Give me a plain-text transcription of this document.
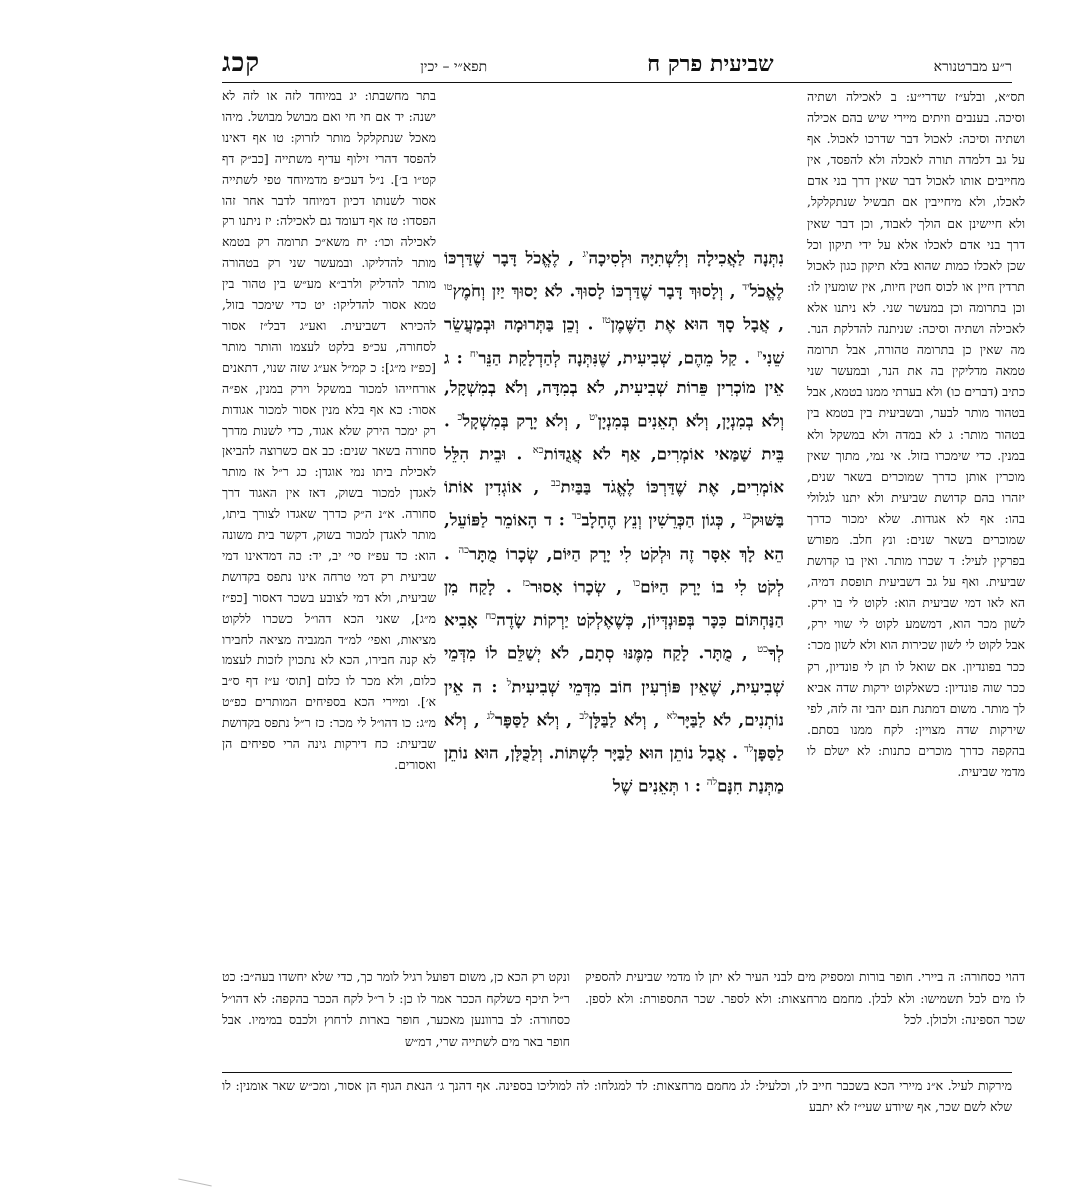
ר״ע מברטנורא
שביעית פרק ח
תפא״י – יכין
קכג
תס״א, ובלע״ז שדרי״ע: ב לאכילה ושתיה וסיכה. בענבים וזיתים מיירי שיש בהם אכילה ושתיה וסיכה: לאכול דבר שדרכו לאכול. אף על גב דלמדה תורה לאכלה ולא להפסד, אין מחייבים אותו לאכול דבר שאין דרך בני אדם לאכלו, ולא מיחייבין אם תבשיל שנתקלקל, ולא חיישינן אם הולך לאבוד, וכן דבר שאין דרך בני אדם לאכלו אלא על ידי תיקון וכל שכן לאכלו כמות שהוא בלא תיקון כגון לאכול תרדין חיין או לכוס חטין חיות, אין שומעין לו: וכן בתרומה וכן במעשר שני. לא ניתנו אלא לאכילה ושתיה וסיכה: שניתנה להדלקת הנר. מה שאין כן בתרומה טהורה, אבל תרומה טמאה מדליקין בה את הנר, ובמעשר שני כתיב (דברים כו) ולא בערתי ממנו בטמא, אבל בטהור מותר לבער, ובשביעית בין בטמא בין בטהור מותר: ג לא במדה ולא במשקל ולא במנין. כדי שימכרו בזול. אי נמי, מתוך שאין מוכרין אותן כדרך שמוכרים בשאר שנים, יזהרו בהם קדושת שביעית ולא יתנו לגלולי בהו: אף לא אגודות. שלא ימכור כדרך שמוכרים בשאר שנים: ונץ חלב. מפורש בפרקין לעיל: ד שכרו מותר. ואין בו קדושת שביעית. ואף על גב דשביעית תופסת דמיה, הא לאו דמי שביעית הוא: לקוט לי בו ירק. לשון מכר הוא, דמשמע לקוט לי שווי ירק, אבל לקוט לי לשון שכירות הוא ולא לשון מכר: ככר בפונדיון. אם שואל לו תן לי פונדיון, רק ככר שוה פונדיון: כשאלקוט ירקות שדה אביא לך מותר. משום דמתנת חנם יהבי זה לזה, לפי שירקות שדה מצויין: לקח ממנו בסתם. בהקפה כדרך מוכרים כתנות: לא ישלם לו מדמי שביעית.
נִתְּנָה לַאֲכִילָה וְלִשְׁתִיָּה וּלְסִיכָה$^{יג}$ , לֶאֱכֹל דָּבָר שֶׁדַּרְכּוֹ לֶאֱכֹל$^{יד}$ , וְלָסוּךְ דָּבָר שֶׁדַּרְכּוֹ לָסוּךְ. לֹא יָסוּךְ יַיִן וְחֹמֶץ$^{טו}$ , אֲבָל סָךְ הוּא אֶת הַשֶּׁמֶן$^{טז}$ . וְכֵן בַּתְּרוּמָה וּבְמַעֲשֵׂר שֵׁנִי$^{יז}$ . קַל מֵהֶם, שְׁבִיעִית, שֶׁנִּתְּנָה לְהַדְלָקַת הַנֵּר$^{יח}$ : ג אֵין מוֹכְרִין פֵּרוֹת שְׁבִיעִית, לֹא בְמִדָּה, וְלֹא בְמִשְׁקָל, וְלֹא בְמִנְיָן, וְלֹא תְאֵנִים בְּמִנְיָן$^{יט}$ , וְלֹא יָרָק בְּמִשְׁקָל$^כ$ . בֵּית שַׁמַּאי אוֹמְרִים, אַף לֹא אֲגֻדּוֹת$^{כא}$ . וּבֵית הִלֵּל אוֹמְרִים, אֶת שֶׁדַּרְכּוֹ לֶאֱגֹד בַּבַּיִת$^{כב}$ , אוֹגְדִין אוֹתוֹ בַּשּׁוּק$^{כג}$ , כְּגוֹן הַכְּרֵשִׁין וְנֵץ הֶחָלָב$^{כד}$ : ד הָאוֹמֵר לַפּוֹעֵל, הֵא לָךְ אִסָּר זֶה וּלְקֹט לִי יָרָק הַיּוֹם, שְׂכָרוֹ מֻתָּר$^{כה}$ . לְקֹט לִי בוֹ יָרָק הַיּוֹם$^{כו}$ , שְׂכָרוֹ אָסוּר$^{כז}$ . לָקַח מִן הַנַּחְתּוֹם כִּכָּר בְּפוּנְדְּיוֹן, כְּשֶׁאֶלְקֹט יַרְקוֹת שָׂדֶה$^{כח}$ אָבִיא לְךָ$^{כט}$ , מֻתָּר. לָקַח מִמֶּנּוּ סְתָם, לֹא יְשַׁלֵּם לוֹ מִדְּמֵי שְׁבִיעִית, שֶׁאֵין פּוֹרְעִין חוֹב מִדְּמֵי שְׁבִיעִית$^ל$ : ה אֵין נוֹתְנִים, לֹא לַבַּיָּר$^{לא}$ , וְלֹא לַבַּלָּן$^{לב}$ , וְלֹא לַסַּפָּר$^{לג}$ , וְלֹא לַסַּפָּן$^{לד}$ . אֲבָל נוֹתֵן הוּא לַבַּיָּר לִשְׁתּוֹת. וְלַכֻּלָּן, הוּא נוֹתֵן מַתְּנַת חִנָּם$^{לה}$ : ו תְּאֵנִים שֶׁל
בתר מחשבתו: יג במיוחד לזה או לזה לא ישנה: יד אם חי חי ואם מבושל מבושל. מיהו מאכל שנתקלקל מותר לזרוק: טו אף דאינו להפסד דהרי זילוף עדיף משתייה [כב״ק דף קט״ו ב׳]. נ״ל דעכ״פ מדמיוחד טפי לשתייה אסור לשנותו דכיון דמיוחד לדבר אחר זהו הפסדו: טז אף דעומד גם לאכילה: יז ניתנו רק לאכילה וכו׳: יח משא״כ תרומה רק בטמא מותר להדליקו. ובמעשר שני רק בטהורה מותר להדליק ולרב״א מע״ש בין טהור בין טמא אסור להדליקו: יט כדי שימכר בזול, להכירא דשביעית. ואע״ג דבל״ז אסור לסחורה, עכ״פ בלקט לעצמו והותר מותר [כפ״ז מ״ג]: כ קמ״ל אע״ג שזה שנוי, דתאנים אורחייהו למכור במשקל וירק במנין, אפ״ה אסור: כא אף בלא מנין אסור למכור אגודות רק ימכר הירק שלא אגוד, כדי לשנות מדרך סחורה בשאר שנים: כב אם כשרוצה להביאן לאכילת ביתו נמי אוגדן: כג ר״ל אז מותר לאגדן למכור בשוק, דאז אין האגוד דרך סחורה. א״נ ה״ק כדרך שאגדו לצורך ביתו, מותר לאגדן למכור בשוק, דקשר בית משונה הוא: כד עפ״ז סי׳ יב, יד: כה דמדאינו דמי שביעית רק דמי טרחה אינו נתפס בקדושת שביעית, ולא דמי לצובע בשכר דאסור [כפ״ז מ״ג], שאני הכא דהו״ל כשכרו ללקוט מציאות, ואפי׳ למ״ד המגביה מציאה לחבירו לא קנה חבירו, הכא לא נתכוין לזכות לעצמו כלום, ולא מכר לו כלום [תוס׳ ע״ז דף ס״ב א׳]. ומיירי הכא בספיחים המותרים כפ״ט מ״ג: כו דהו״ל לי מכר: כז ר״ל נתפס בקדושת שביעית: כח דירקות גינה הרי ספיחים הן ואסורים.
דהוי כסחורה: ה ביירי. חופר בורות ומספיק מים לבני העיר לא יתן לו מדמי שביעית להספיק לו מים לכל תשמישו: ולא לבלן. מחמם מרחצאות: ולא לספר. שכר התספורת: ולא לספן. שכר הספינה: ולכולן. לכל
ונקט רק הכא כן, משום דפועל רגיל לומר כך, כדי שלא יחשדו בעה״ב: כט ר״ל תיכף כשלקח הככר אמר לו כן: ל ר״ל לקח הככר בהקפה: לא דהו״ל כסחורה: לב ברוונען מאכער, חופר בארות לרחוץ ולכבס במימיו. אבל חופר באר מים לשתייה שרי, דמ״ש
מירקות לעיל. א״נ מיירי הכא בשכבר חייב לו, וכלעיל: לג מחמם מרחצאות: לד למגלחו: לה למוליכו בספינה. אף דהנך ג׳ הנאת הגוף הן אסור, ומכ״ש שאר אומנין: לו שלא לשם שכר, אף שיודע שעי״ז לא יתבע
